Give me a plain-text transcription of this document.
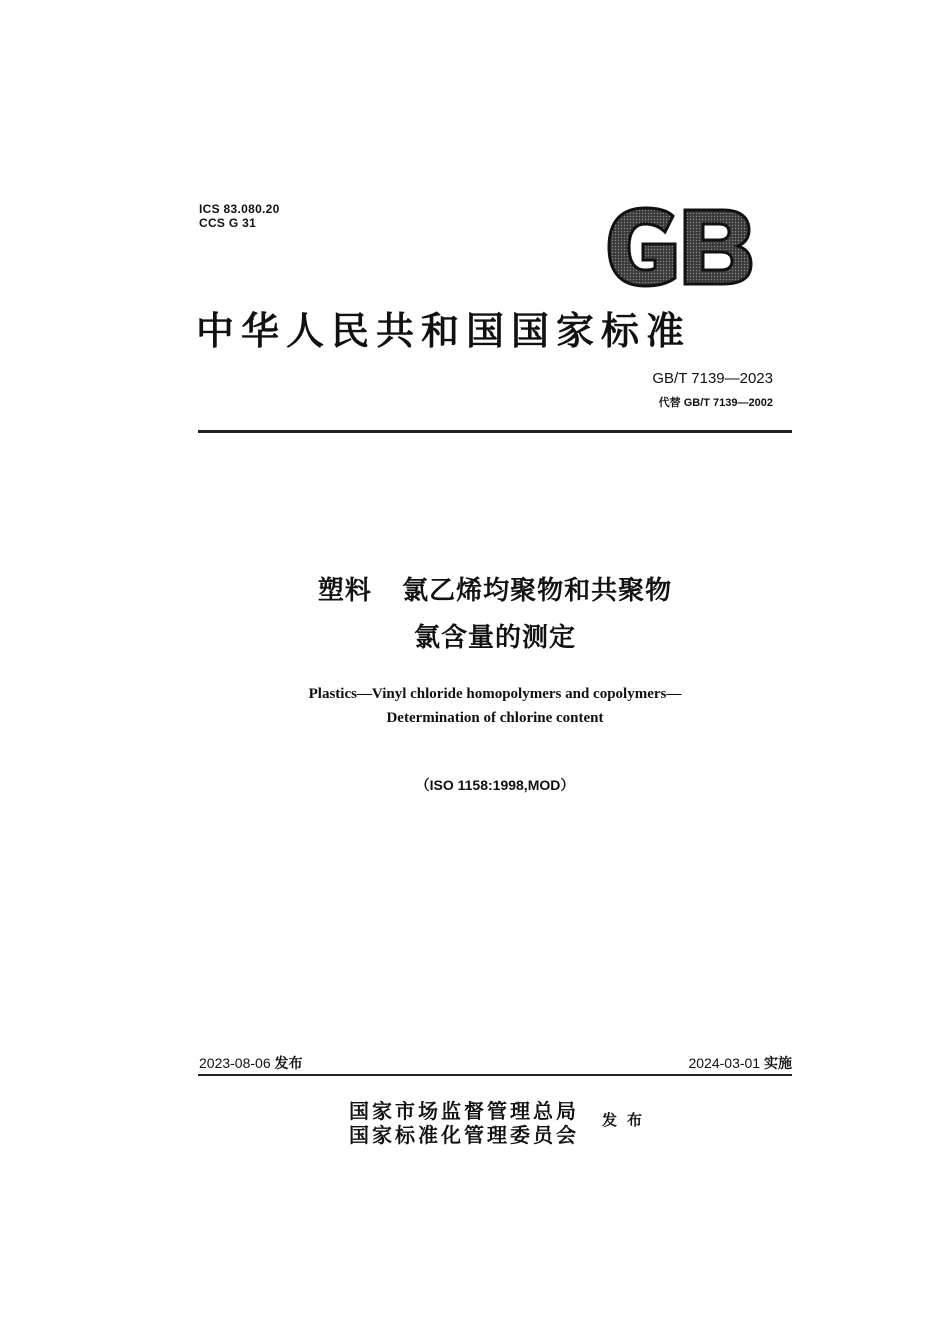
ICS 83.080.20
CCS G 31
中华人民共和国国家标准
GB/T 7139—2023
代替 GB/T 7139—2002
塑料   氯乙烯均聚物和共聚物
氯含量的测定
Plastics—Vinyl chloride homopolymers and copolymers—
Determination of chlorine content
（ISO 1158:1998,MOD）
2023-08-06 发布	2024-03-01 实施
国家市场监督管理总局
国家标准化管理委员会
发布
